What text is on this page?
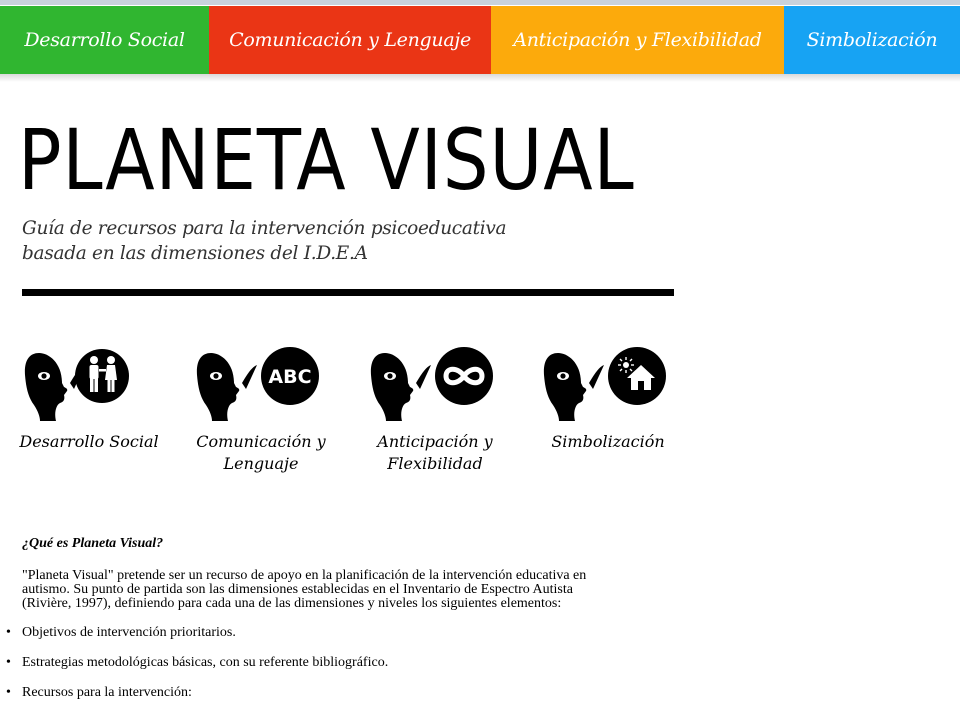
Desarrollo Social	Comunicación y Lenguaje	Anticipación y Flexibilidad	Simbolización
PLANETA VISUAL
Guía de recursos para la intervención psicoeducativa
basada en las dimensiones del I.D.E.A
Desarrollo Social
ABC
Comunicación y
Lenguaje
Anticipación y
Flexibilidad
Simbolización

¿Qué es Planeta Visual?

"Planeta Visual" pretende ser un recurso de apoyo en la planificación de la intervención educativa en autismo. Su punto de partida son las dimensiones establecidas en el Inventario de Espectro Autista (Rivière, 1997), definiendo para cada una de las dimensiones y niveles los siguientes elementos:

• Objetivos de intervención prioritarios.
• Estrategias metodológicas básicas, con su referente bibliográfico.
• Recursos para la intervención:
